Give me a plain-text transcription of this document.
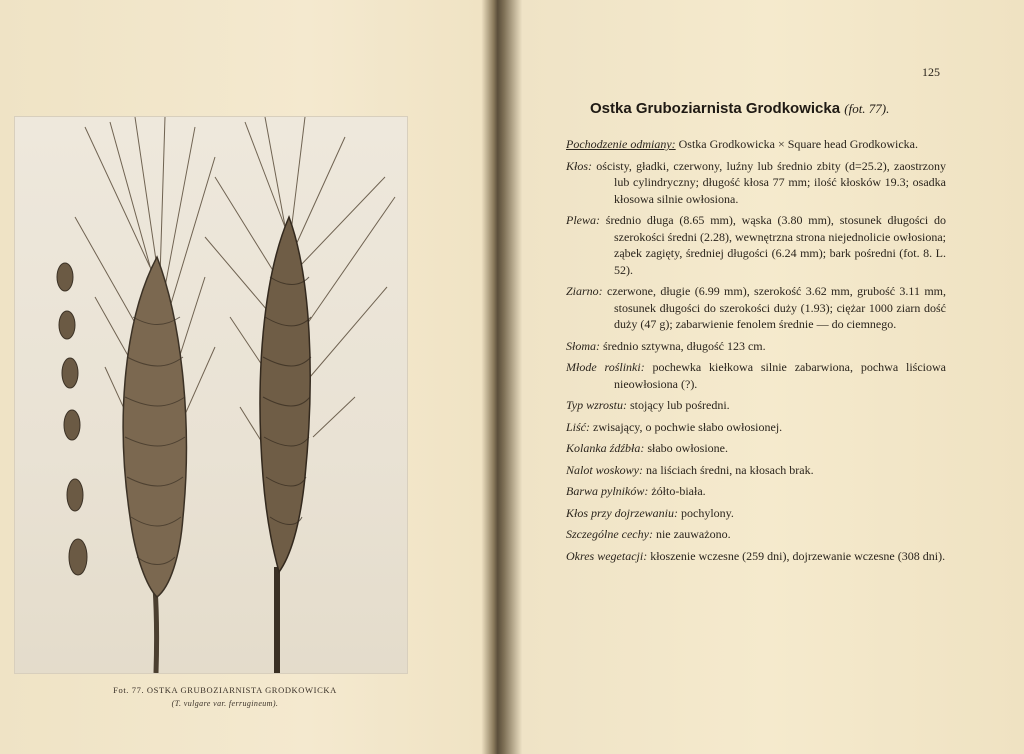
Fot. 77. OSTKA GRUBOZIARNISTA GRODKOWICKA
(T. vulgare var. ferrugineum).
125
Ostka Gruboziarnista Grodkowicka (fot. 77).
Pochodzenie odmiany: Ostka Grodkowicka × Square head Grodkowicka.
Kłos: ościsty, gładki, czerwony, luźny lub średnio zbity (d=25.2), zaostrzony lub cylindryczny; długość kłosa 77 mm; ilość kłosków 19.3; osadka kłosowa silnie owłosiona.
Plewa: średnio długa (8.65 mm), wąska (3.80 mm), stosunek długości do szerokości średni (2.28), wewnętrzna strona niejednolicie owłosiona; ząbek zagięty, średniej długości (6.24 mm); bark pośredni (fot. 8. L. 52).
Ziarno: czerwone, długie (6.99 mm), szerokość 3.62 mm, grubość 3.11 mm, stosunek długości do szerokości duży (1.93); ciężar 1000 ziarn dość duży (47 g); zabarwienie fenolem średnie — do ciemnego.
Słoma: średnio sztywna, długość 123 cm.
Młode roślinki: pochewka kiełkowa silnie zabarwiona, pochwa liściowa nieowłosiona (?).
Typ wzrostu: stojący lub pośredni.
Liść: zwisający, o pochwie słabo owłosionej.
Kolanka źdźbła: słabo owłosione.
Nalot woskowy: na liściach średni, na kłosach brak.
Barwa pylników: żółto-biała.
Kłos przy dojrzewaniu: pochylony.
Szczególne cechy: nie zauważono.
Okres wegetacji: kłoszenie wczesne (259 dni), dojrzewanie wczesne (308 dni).
